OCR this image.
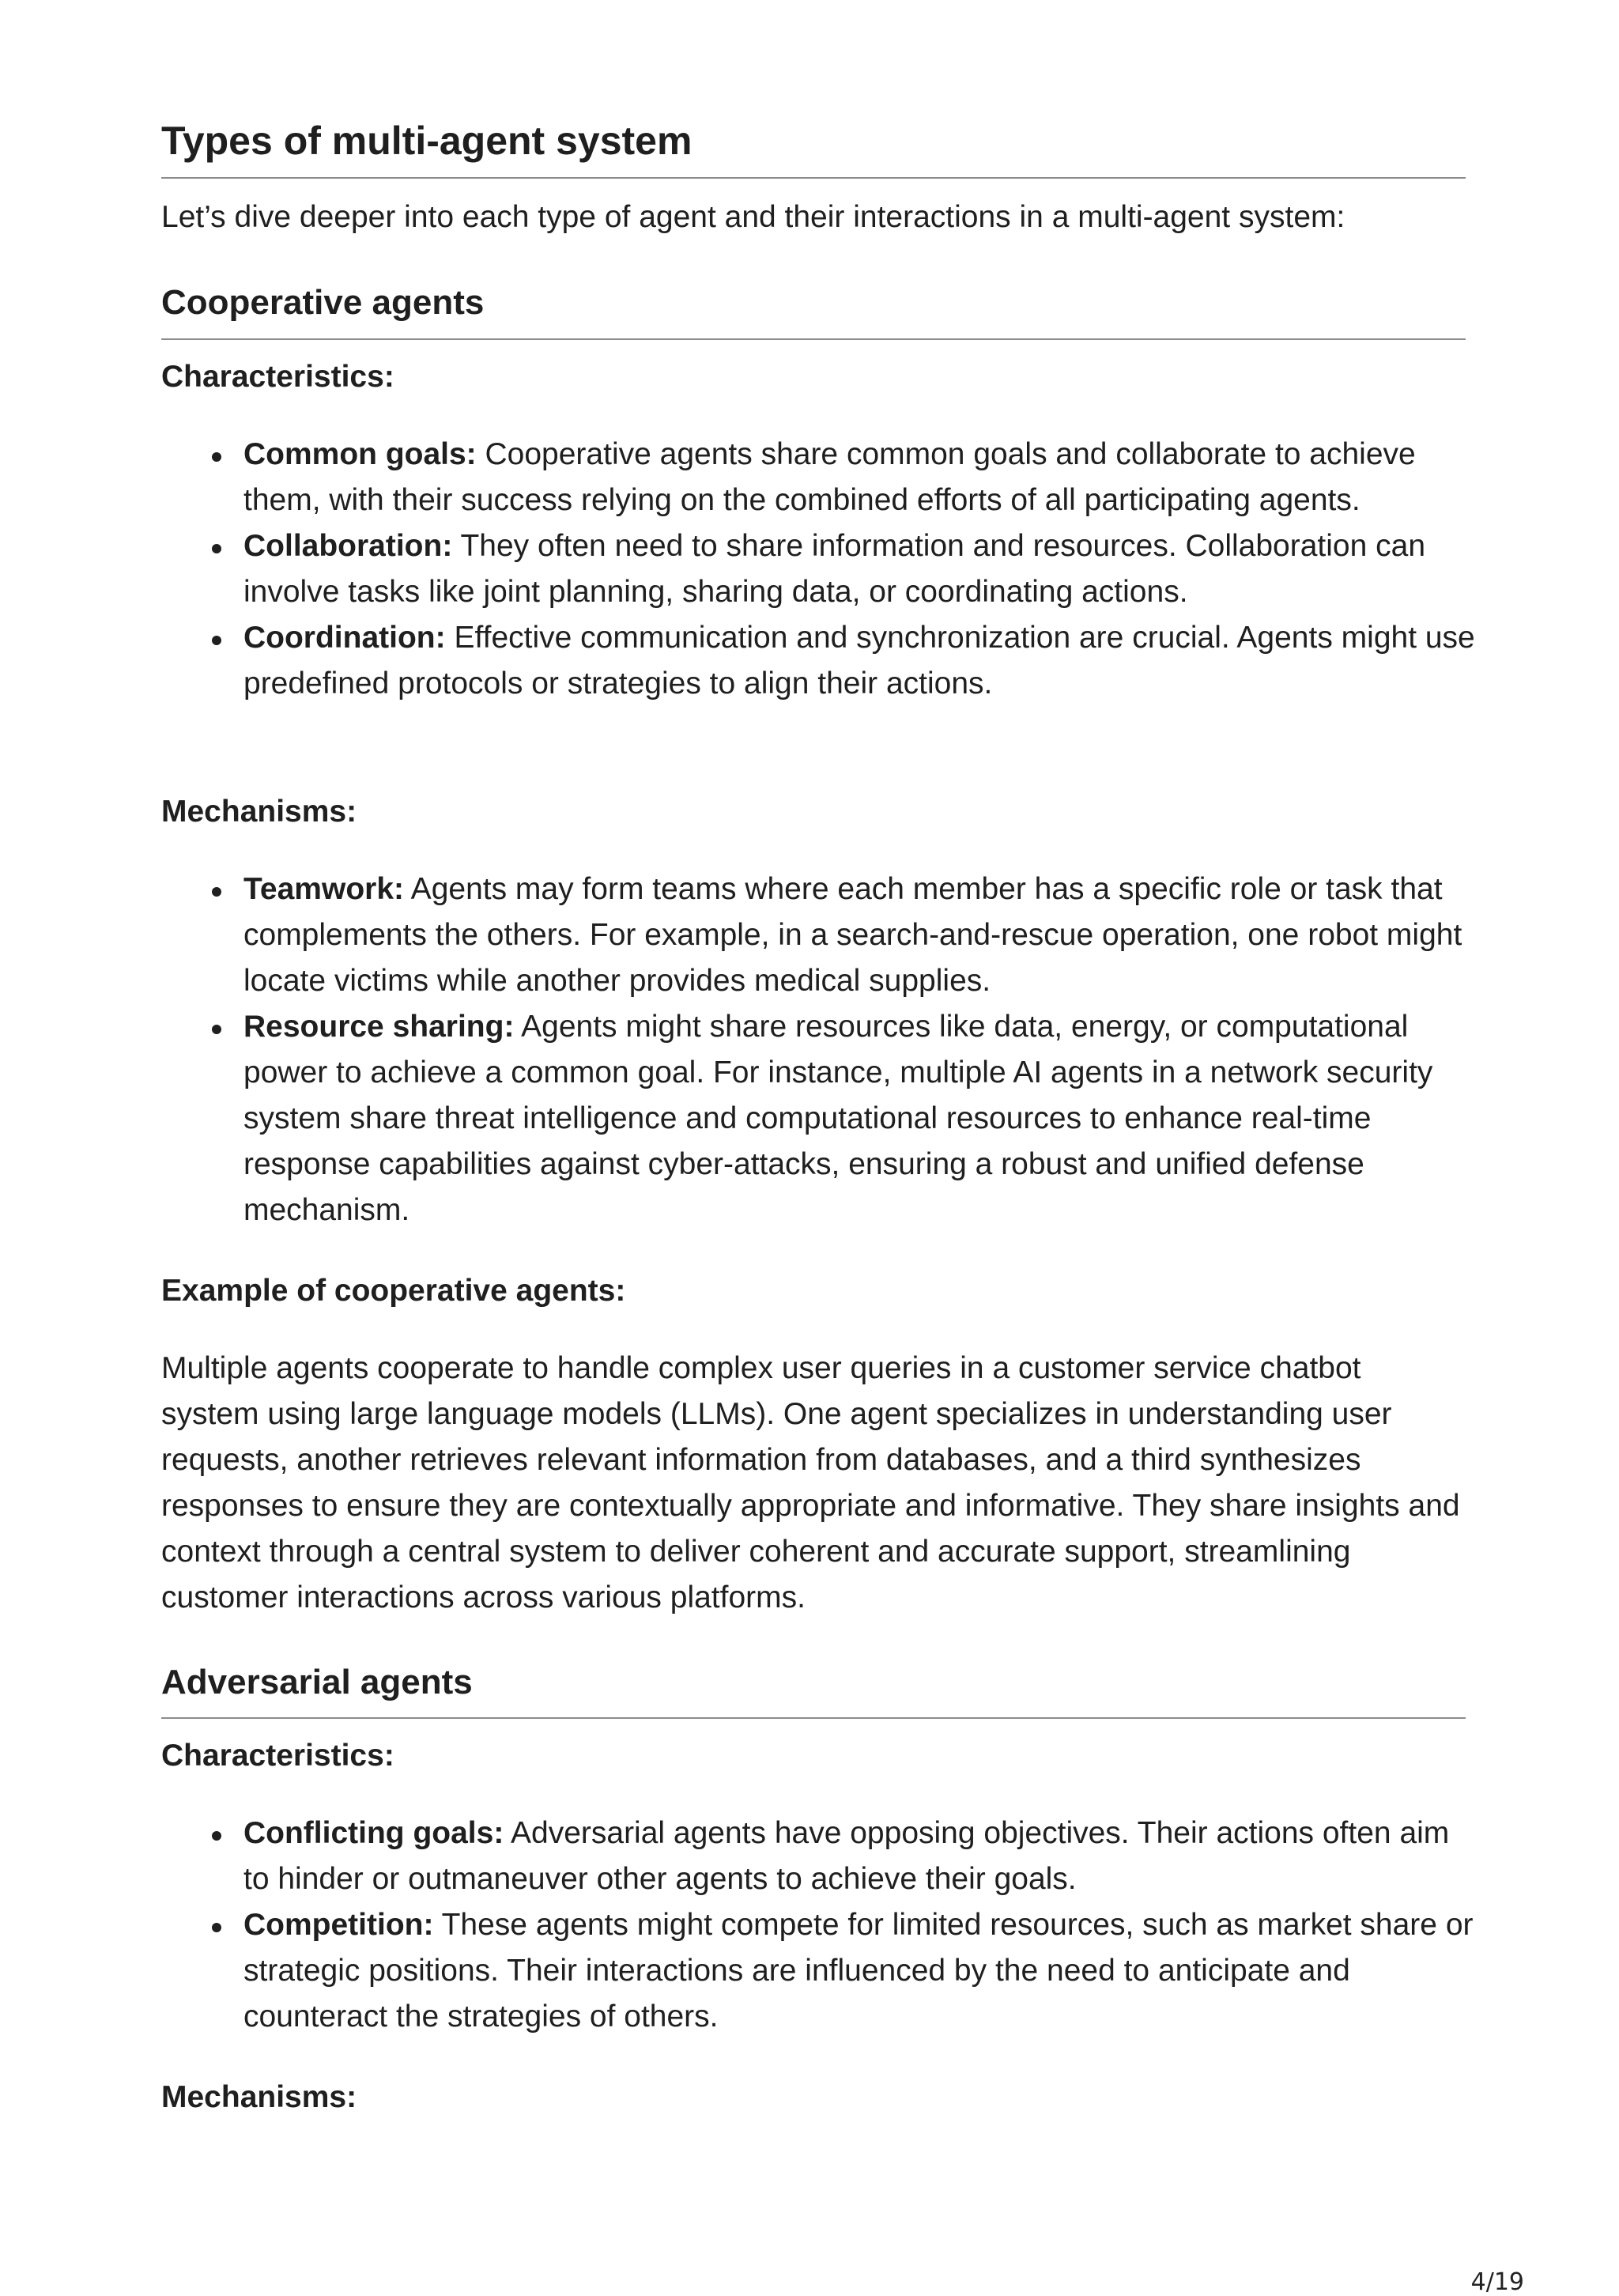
Types of multi-agent system

Let’s dive deeper into each type of agent and their interactions in a multi-agent system:

Cooperative agents

Characteristics:

Common goals: Cooperative agents share common goals and collaborate to achieve them, with their success relying on the combined efforts of all participating agents.
Collaboration: They often need to share information and resources. Collaboration can involve tasks like joint planning, sharing data, or coordinating actions.
Coordination: Effective communication and synchronization are crucial. Agents might use predefined protocols or strategies to align their actions.

Mechanisms:

Teamwork: Agents may form teams where each member has a specific role or task that complements the others. For example, in a search-and-rescue operation, one robot might locate victims while another provides medical supplies.
Resource sharing: Agents might share resources like data, energy, or computational power to achieve a common goal. For instance, multiple AI agents in a network security system share threat intelligence and computational resources to enhance real-time response capabilities against cyber-attacks, ensuring a robust and unified defense mechanism.

Example of cooperative agents:

Multiple agents cooperate to handle complex user queries in a customer service chatbot system using large language models (LLMs). One agent specializes in understanding user requests, another retrieves relevant information from databases, and a third synthesizes responses to ensure they are contextually appropriate and informative. They share insights and context through a central system to deliver coherent and accurate support, streamlining customer interactions across various platforms.

Adversarial agents

Characteristics:

Conflicting goals: Adversarial agents have opposing objectives. Their actions often aim to hinder or outmaneuver other agents to achieve their goals.
Competition: These agents might compete for limited resources, such as market share or strategic positions. Their interactions are influenced by the need to anticipate and counteract the strategies of others.

Mechanisms:

4/19
